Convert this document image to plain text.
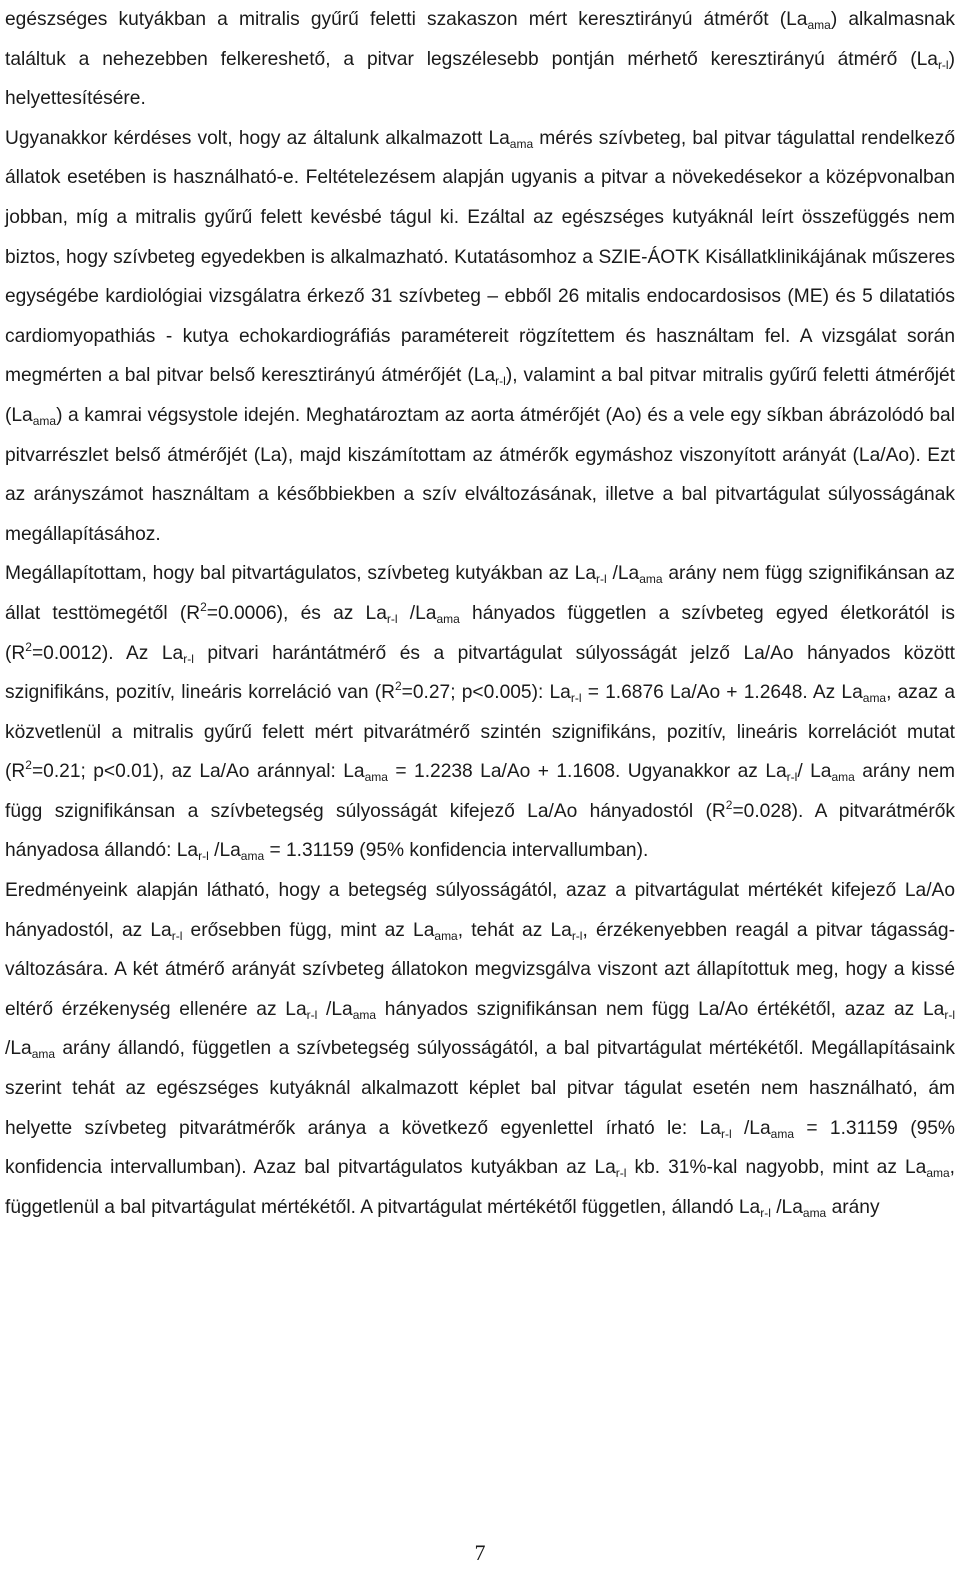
egészséges kutyákban a mitralis gyűrű feletti szakaszon mért keresztirányú átmérőt $(La_{ama})$ alkalmasnak találtuk a nehezebben felkereshető, a pitvar legszélesebb pontján mérhető keresztirányú átmérő $(La_{r-l})$ helyettesítésére.

Ugyanakkor kérdéses volt, hogy az általunk alkalmazott $La_{ama}$ mérés szívbeteg, bal pitvar tágulattal rendelkező állatok esetében is használható-e. Feltételezésem alapján ugyanis a pitvar a növekedésekor a középvonalban jobban, míg a mitralis gyűrű felett kevésbé tágul ki. Ezáltal az egészséges kutyáknál leírt összefüggés nem biztos, hogy szívbeteg egyedekben is alkalmazható. Kutatásomhoz a SZIE-ÁOTK Kisállatklinikájának műszeres egységébe kardiológiai vizsgálatra érkező 31 szívbeteg – ebből 26 mitalis endocardosisos (ME) és 5 dilatatiós cardiomyopathiás - kutya echokardiográfiás paramétereit rögzítettem és használtam fel. A vizsgálat során megmérten a bal pitvar belső keresztirányú átmérőjét $(La_{r-l})$, valamint a bal pitvar mitralis gyűrű feletti átmérőjét $(La_{ama})$ a kamrai végsystole idején. Meghatároztam az aorta átmérőjét (Ao) és a vele egy síkban ábrázolódó bal pitvarrészlet belső átmérőjét (La), majd kiszámítottam az átmérők egymáshoz viszonyított arányát (La/Ao). Ezt az arányszámot használtam a későbbiekben a szív elváltozásának, illetve a bal pitvartágulat súlyosságának megállapításához.

Megállapítottam, hogy bal pitvartágulatos, szívbeteg kutyákban az $La_{r-l}$ $/La_{ama}$ arány nem függ szignifikánsan az állat testtömegétől $(R^2=0.0006)$, és az $La_{r-l}$ $/La_{ama}$ hányados független a szívbeteg egyed életkorától is $(R^2=0.0012)$. Az $La_{r-l}$ pitvari harántátmérő és a pitvartágulat súlyosságát jelző La/Ao hányados között szignifikáns, pozitív, lineáris korreláció van ($R^2=0.27$; p<0.005): $La_{r-l} = 1.6876$ La/Ao + 1.2648. Az $La_{ama}$, azaz a közvetlenül a mitralis gyűrű felett mért pitvarátmérő szintén szignifikáns, pozitív, lineáris korrelációt mutat ($R^2=0.21$; p<0.01), az La/Ao aránnyal: $La_{ama} = 1.2238$ La/Ao + 1.1608. Ugyanakkor az $La_{r-l}/$ $La_{ama}$ arány nem függ szignifikánsan a szívbetegség súlyosságát kifejező La/Ao hányadostól $(R^2=0.028)$. A pitvarátmérők hányadosa állandó: $La_{r-l}$ $/La_{ama} = 1.31159$ (95% konfidencia intervallumban).

Eredményeink alapján látható, hogy a betegség súlyosságától, azaz a pitvartágulat mértékét kifejező La/Ao hányadostól, az $La_{r-l}$ erősebben függ, mint az $La_{ama}$, tehát az $La_{r-l}$, érzékenyebben reagál a pitvar tágasság-változására. A két átmérő arányát szívbeteg állatokon megvizsgálva viszont azt állapítottuk meg, hogy a kissé eltérő érzékenység ellenére az $La_{r-l}$ $/La_{ama}$ hányados szignifikánsan nem függ La/Ao értékétől, azaz az $La_{r-l}$ $/La_{ama}$ arány állandó, független a szívbetegség súlyosságától, a bal pitvartágulat mértékétől. Megállapításaink szerint tehát az egészséges kutyáknál alkalmazott képlet bal pitvar tágulat esetén nem használható, ám helyette szívbeteg pitvarátmérők aránya a következő egyenlettel írható le: $La_{r-l}$ $/La_{ama} = 1.31159$ (95% konfidencia intervallumban). Azaz bal pitvartágulatos kutyákban az $La_{r-l}$ kb. 31%-kal nagyobb, mint az $La_{ama}$, függetlenül a bal pitvartágulat mértékétől. A pitvartágulat mértékétől független, állandó $La_{r-l}$ $/La_{ama}$ arány

7
